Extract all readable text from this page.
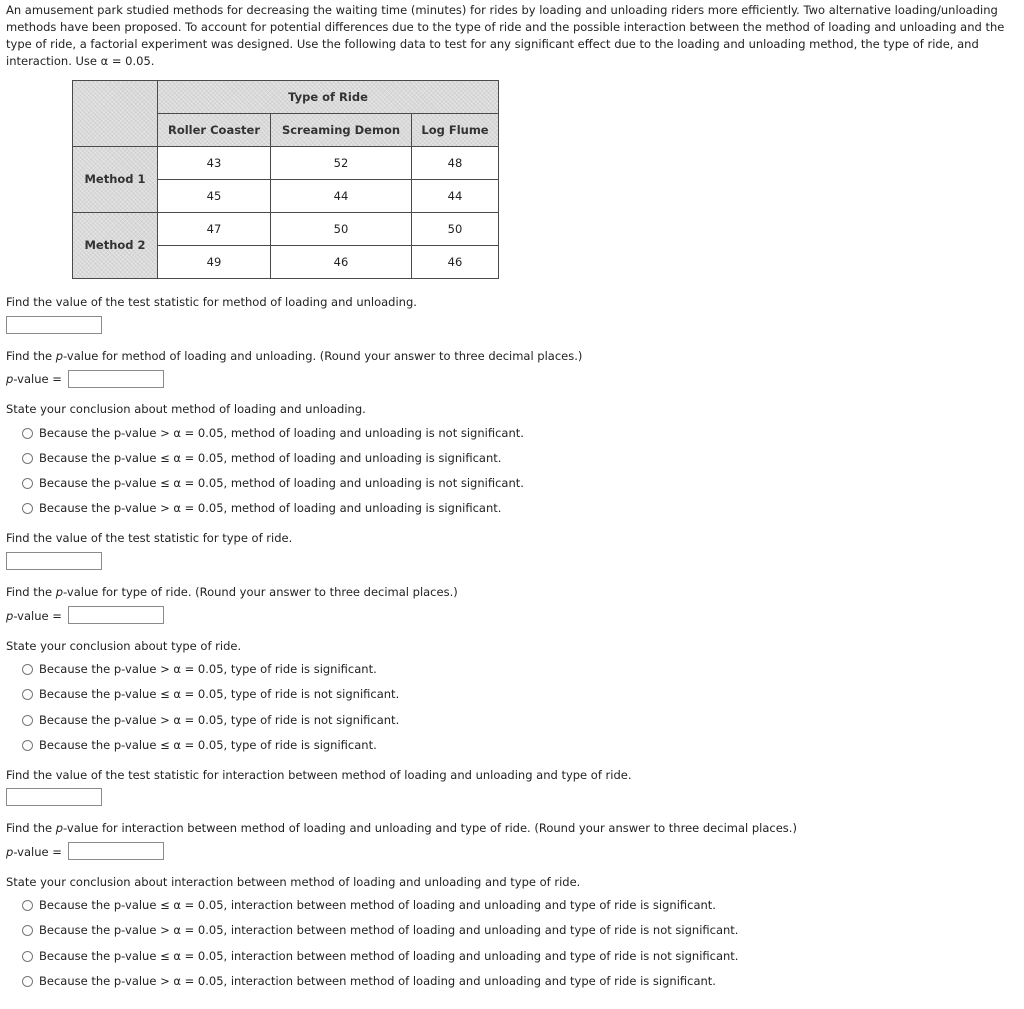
An amusement park studied methods for decreasing the waiting time (minutes) for rides by loading and unloading riders more efficiently. Two alternative loading/unloading methods have been proposed. To account for potential differences due to the type of ride and the possible interaction between the method of loading and unloading and the type of ride, a factorial experiment was designed. Use the following data to test for any significant effect due to the loading and unloading method, the type of ride, and interaction. Use α = 0.05.
	Type of Ride		
	Roller Coaster	Screaming Demon	Log Flume
Method 1	43	52	48
	45	44	44
Method 2	47	50	50
	49	46	46
Find the value of the test statistic for method of loading and unloading.
Find the p-value for method of loading and unloading. (Round your answer to three decimal places.)
p-value =
State your conclusion about method of loading and unloading.
Because the p-value > α = 0.05, method of loading and unloading is not significant.
Because the p-value ≤ α = 0.05, method of loading and unloading is significant.
Because the p-value ≤ α = 0.05, method of loading and unloading is not significant.
Because the p-value > α = 0.05, method of loading and unloading is significant.
Find the value of the test statistic for type of ride.
Find the p-value for type of ride. (Round your answer to three decimal places.)
p-value =
State your conclusion about type of ride.
Because the p-value > α = 0.05, type of ride is significant.
Because the p-value ≤ α = 0.05, type of ride is not significant.
Because the p-value > α = 0.05, type of ride is not significant.
Because the p-value ≤ α = 0.05, type of ride is significant.
Find the value of the test statistic for interaction between method of loading and unloading and type of ride.
Find the p-value for interaction between method of loading and unloading and type of ride. (Round your answer to three decimal places.)
p-value =
State your conclusion about interaction between method of loading and unloading and type of ride.
Because the p-value ≤ α = 0.05, interaction between method of loading and unloading and type of ride is significant.
Because the p-value > α = 0.05, interaction between method of loading and unloading and type of ride is not significant.
Because the p-value ≤ α = 0.05, interaction between method of loading and unloading and type of ride is not significant.
Because the p-value > α = 0.05, interaction between method of loading and unloading and type of ride is significant.
